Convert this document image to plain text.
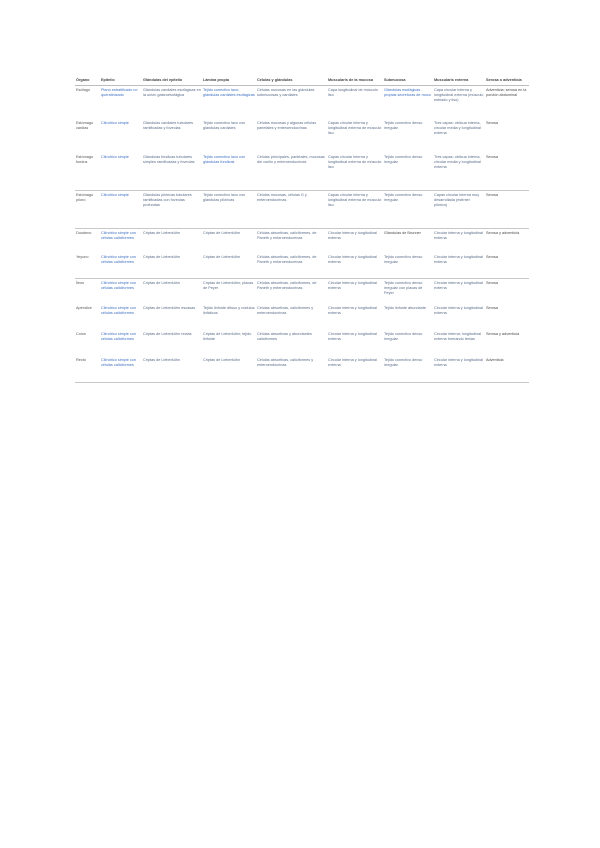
Órgano	Epitelio	Glándulas del epitelio	Lámina propia	Células y glándulas	Muscularis de la mucosa	Submucosa	Muscularis externa	Serosa o adventicia
Esófago	Plano estratificado no queratinizado	Glándulas cardiales esofágicas en la unión gastroesofágica	Tejido conectivo laxo; glándulas cardiales esofágicas	Células mucosas en las glándulas submucosas y cardiales	Capa longitudinal de músculo liso	Glándulas esofágicas propias secretoras de moco	Capa circular interna y longitudinal externa (músculo estriado y liso)	Adventicia; serosa en la porción abdominal
Estómago cardias	Cilíndrico simple	Glándulas cardiales tubulares ramificadas y foveolas	Tejido conectivo laxo con glándulas cardiales	Células mucosas y algunas células parietales y enteroendocrinas	Capas circular interna y longitudinal externa de músculo liso	Tejido conectivo denso irregular	Tres capas: oblicua interna, circular media y longitudinal externa	Serosa
Estómago fundus	Cilíndrico simple	Glándulas fúndicas tubulares simples ramificadas y foveolas	Tejido conectivo laxo con glándulas fúndicas	Células principales, parietales, mucosas del cuello y enteroendocrinas	Capas circular interna y longitudinal externa de músculo liso	Tejido conectivo denso irregular	Tres capas: oblicua interna, circular media y longitudinal externa	Serosa
Estómago píloro	Cilíndrico simple	Glándulas pilóricas tubulares ramificadas con foveolas profundas	Tejido conectivo laxo con glándulas pilóricas	Células mucosas, células G y enteroendocrinas	Capas circular interna y longitudinal externa de músculo liso	Tejido conectivo denso irregular	Capas circular interna muy desarrollada (esfínter pilórico)	Serosa
Duodeno	Cilíndrico simple con células caliciformes	Criptas de Lieberkühn	Criptas de Lieberkühn	Células absortivas, caliciformes, de Paneth y enteroendocrinas	Circular interna y longitudinal externa	Glándulas de Brunner	Circular interna y longitudinal externa	Serosa y adventicia
Yeyuno	Cilíndrico simple con células caliciformes	Criptas de Lieberkühn	Criptas de Lieberkühn	Células absortivas, caliciformes, de Paneth y enteroendocrinas	Circular interna y longitudinal externa	Tejido conectivo denso irregular	Circular interna y longitudinal externa	Serosa
Íleon	Cilíndrico simple con células caliciformes	Criptas de Lieberkühn	Criptas de Lieberkühn; placas de Peyer	Células absortivas, caliciformes, de Paneth y enteroendocrinas	Circular interna y longitudinal externa	Tejido conectivo denso irregular con placas de Peyer	Circular interna y longitudinal externa	Serosa
Apéndice	Cilíndrico simple con células caliciformes	Criptas de Lieberkühn escasas	Tejido linfoide difuso y nódulos linfáticos	Células absortivas, caliciformes y enteroendocrinas	Circular interna y longitudinal externa	Tejido linfoide abundante	Circular interna y longitudinal externa	Serosa
Colon	Cilíndrico simple con células caliciformes	Criptas de Lieberkühn rectas	Criptas de Lieberkühn; tejido linfoide	Células absortivas y abundantes caliciformes	Circular interna y longitudinal externa	Tejido conectivo denso irregular	Circular interna; longitudinal externa formando tenias	Serosa y adventicia
Recto	Cilíndrico simple con células caliciformes	Criptas de Lieberkühn	Criptas de Lieberkühn	Células absortivas, caliciformes y enteroendocrinas	Circular interna y longitudinal externa	Tejido conectivo denso irregular	Circular interna y longitudinal externa	Adventicia
